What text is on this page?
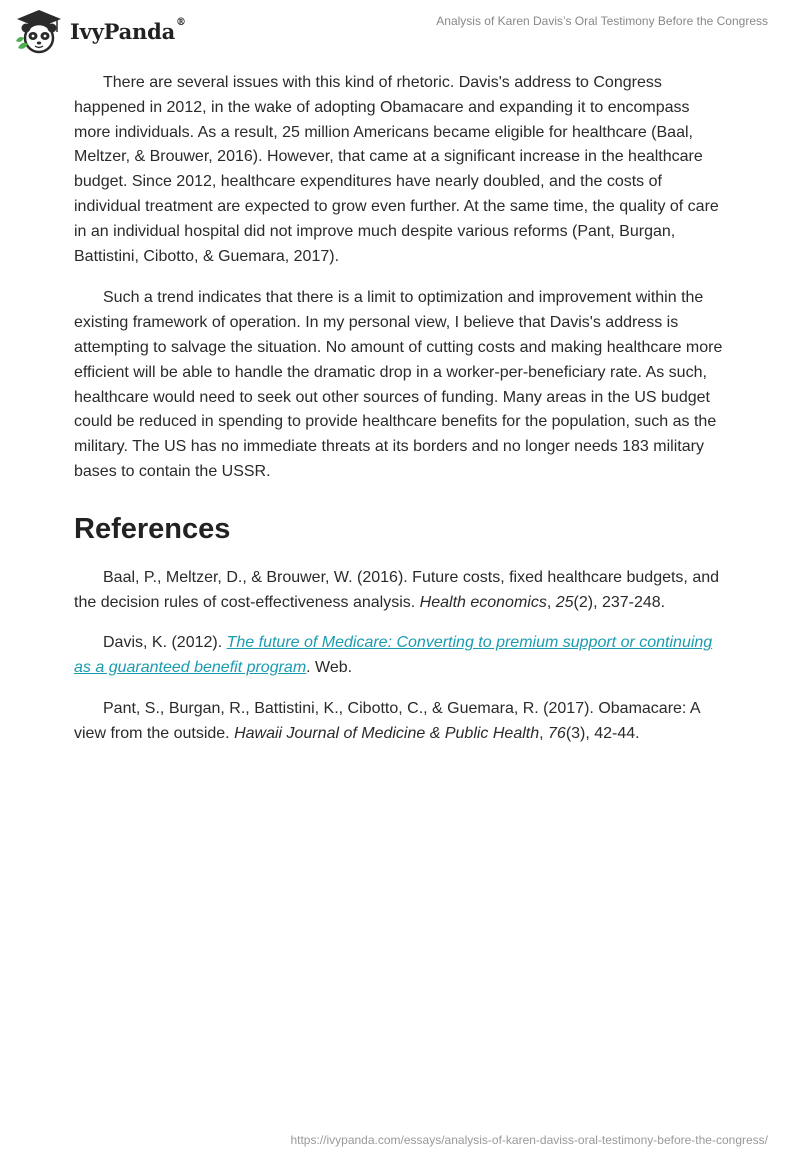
IvyPanda®	Analysis of Karen Davis’s Oral Testimony Before the Congress

There are several issues with this kind of rhetoric. Davis's address to Congress happened in 2012, in the wake of adopting Obamacare and expanding it to encompass more individuals. As a result, 25 million Americans became eligible for healthcare (Baal, Meltzer, & Brouwer, 2016). However, that came at a significant increase in the healthcare budget. Since 2012, healthcare expenditures have nearly doubled, and the costs of individual treatment are expected to grow even further. At the same time, the quality of care in an individual hospital did not improve much despite various reforms (Pant, Burgan, Battistini, Cibotto, & Guemara, 2017).

Such a trend indicates that there is a limit to optimization and improvement within the existing framework of operation. In my personal view, I believe that Davis's address is attempting to salvage the situation. No amount of cutting costs and making healthcare more efficient will be able to handle the dramatic drop in a worker-per-beneficiary rate. As such, healthcare would need to seek out other sources of funding. Many areas in the US budget could be reduced in spending to provide healthcare benefits for the population, such as the military. The US has no immediate threats at its borders and no longer needs 183 military bases to contain the USSR.

References

Baal, P., Meltzer, D., & Brouwer, W. (2016). Future costs, fixed healthcare budgets, and the decision rules of cost-effectiveness analysis. Health economics, 25(2), 237-248.

Davis, K. (2012). The future of Medicare: Converting to premium support or continuing as a guaranteed benefit program. Web.

Pant, S., Burgan, R., Battistini, K., Cibotto, C., & Guemara, R. (2017). Obamacare: A view from the outside. Hawaii Journal of Medicine & Public Health, 76(3), 42-44.

https://ivypanda.com/essays/analysis-of-karen-daviss-oral-testimony-before-the-congress/
